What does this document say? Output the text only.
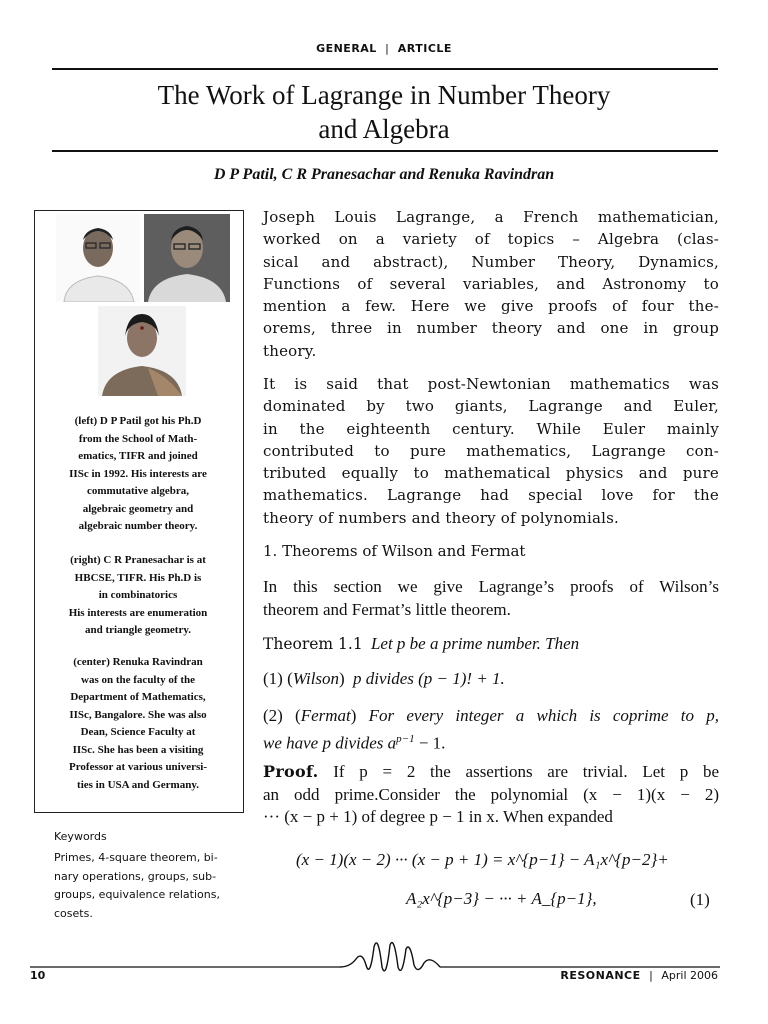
GENERAL | ARTICLE
The Work of Lagrange in Number Theory
and Algebra
D P Patil, C R Pranesachar and Renuka Ravindran
(left) D P Patil got his Ph.D
from the School of Math-
ematics, TIFR and joined
IISc in 1992. His interests are
commutative algebra,
algebraic geometry and
algebraic number theory.
(right) C R Pranesachar is at
HBCSE, TIFR. His Ph.D is
in combinatorics
His interests are enumeration
and triangle geometry.
(center) Renuka Ravindran
was on the faculty of the
Department of Mathematics,
IISc, Bangalore. She was also
Dean, Science Faculty at
IISc. She has been a visiting
Professor at various universi-
ties in USA and Germany.
Keywords
Primes, 4-square theorem, bi-
nary operations, groups, sub-
groups, equivalence relations,
cosets.
Joseph Louis Lagrange, a French mathematician,
worked on a variety of topics – Algebra (clas-
sical and abstract), Number Theory, Dynamics,
Functions of several variables, and Astronomy to
mention a few. Here we give proofs of four the-
orems, three in number theory and one in group
theory.
It is said that post-Newtonian mathematics was
dominated by two giants, Lagrange and Euler,
in the eighteenth century. While Euler mainly
contributed to pure mathematics, Lagrange con-
tributed equally to mathematical physics and pure
mathematics. Lagrange had special love for the
theory of numbers and theory of polynomials.
1. Theorems of Wilson and Fermat
In this section we give Lagrange’s proofs of Wilson’s
theorem and Fermat’s little theorem.
Theorem 1.1 Let p be a prime number. Then
(1) (Wilson) p divides (p − 1)! + 1.
(2) (Fermat) For every integer a which is coprime to p,
we have p divides $a^{p-1} - 1$.
Proof. If p = 2 the assertions are trivial. Let p be
an odd prime.Consider the polynomial (x − 1)(x − 2)
··· (x − p + 1) of degree p − 1 in x. When expanded
(x − 1)(x − 2) ··· (x − p + 1) = x^{p−1} − A₁x^{p−2}+
A₂x^{p−3} − ··· + A_{p−1},	(1)
10	RESONANCE | April 2006
